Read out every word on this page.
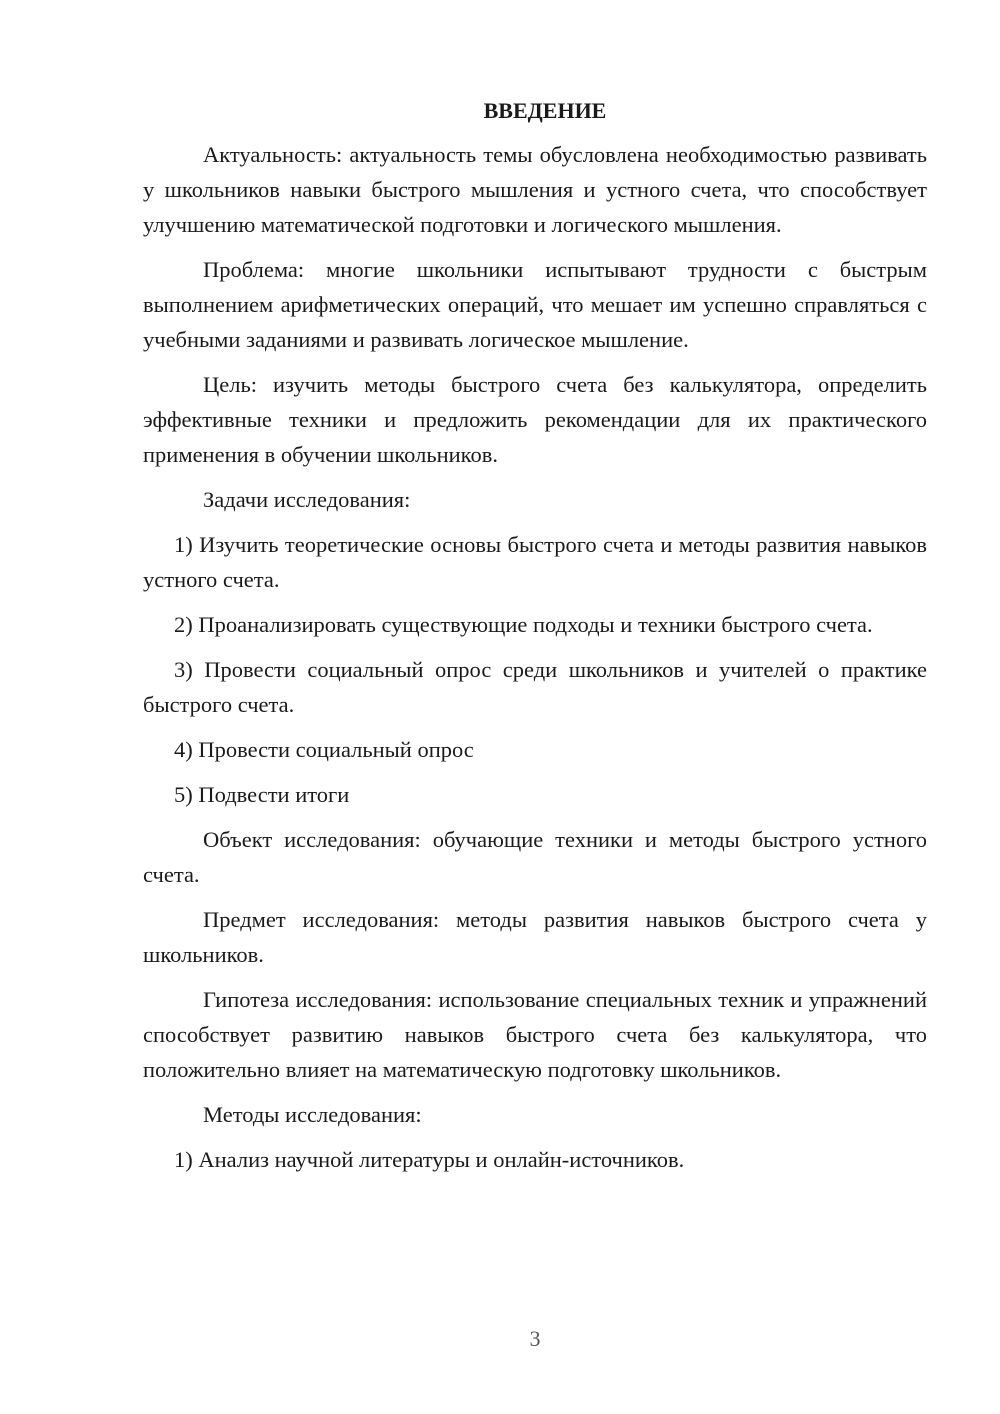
ВВЕДЕНИЕ

Актуальность: актуальность темы обусловлена необходимостью развивать у школьников навыки быстрого мышления и устного счета, что способствует улучшению математической подготовки и логического мышления.

Проблема: многие школьники испытывают трудности с быстрым выполнением арифметических операций, что мешает им успешно справляться с учебными заданиями и развивать логическое мышление.

Цель: изучить методы быстрого счета без калькулятора, определить эффективные техники и предложить рекомендации для их практического применения в обучении школьников.

Задачи исследования:

1) Изучить теоретические основы быстрого счета и методы развития навыков устного счета.

2) Проанализировать существующие подходы и техники быстрого счета.

3) Провести социальный опрос среди школьников и учителей о практике быстрого счета.

4) Провести социальный опрос

5) Подвести итоги

Объект исследования: обучающие техники и методы быстрого устного счета.

Предмет исследования: методы развития навыков быстрого счета у школьников.

Гипотеза исследования: использование специальных техник и упражнений способствует развитию навыков быстрого счета без калькулятора, что положительно влияет на математическую подготовку школьников.

Методы исследования:

1) Анализ научной литературы и онлайн-источников.

3
